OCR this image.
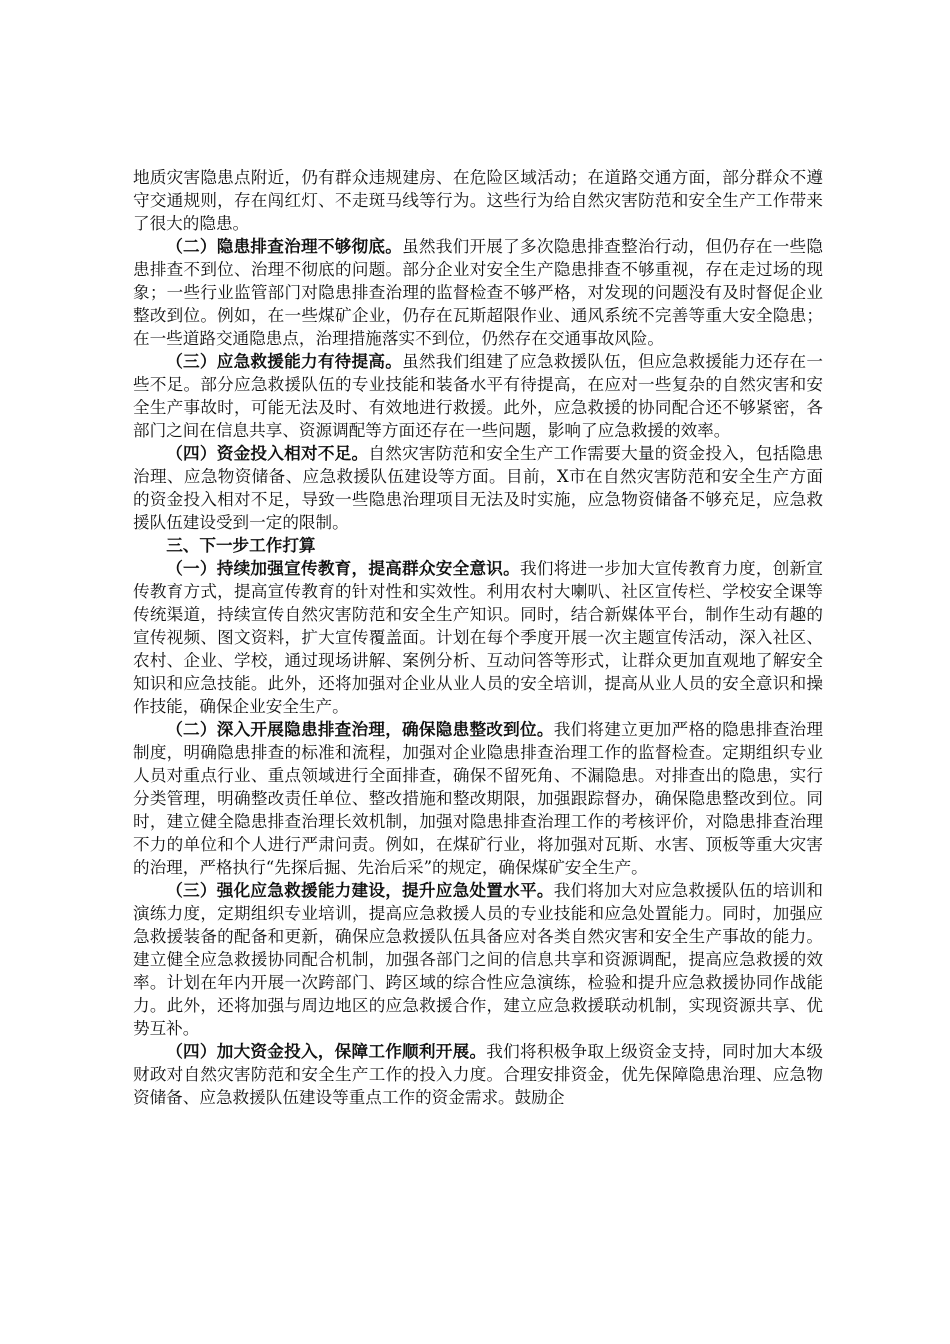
地质灾害隐患点附近，仍有群众违规建房、在危险区域活动；在道路交通方面，部分群众不遵守交通规则，存在闯红灯、不走斑马线等行为。这些行为给自然灾害防范和安全生产工作带来了很大的隐患。

（二）隐患排查治理不够彻底。虽然我们开展了多次隐患排查整治行动，但仍存在一些隐患排查不到位、治理不彻底的问题。部分企业对安全生产隐患排查不够重视，存在走过场的现象；一些行业监管部门对隐患排查治理的监督检查不够严格，对发现的问题没有及时督促企业整改到位。例如，在一些煤矿企业，仍存在瓦斯超限作业、通风系统不完善等重大安全隐患；在一些道路交通隐患点，治理措施落实不到位，仍然存在交通事故风险。

（三）应急救援能力有待提高。虽然我们组建了应急救援队伍，但应急救援能力还存在一些不足。部分应急救援队伍的专业技能和装备水平有待提高，在应对一些复杂的自然灾害和安全生产事故时，可能无法及时、有效地进行救援。此外，应急救援的协同配合还不够紧密，各部门之间在信息共享、资源调配等方面还存在一些问题，影响了应急救援的效率。

（四）资金投入相对不足。自然灾害防范和安全生产工作需要大量的资金投入，包括隐患治理、应急物资储备、应急救援队伍建设等方面。目前，X市在自然灾害防范和安全生产方面的资金投入相对不足，导致一些隐患治理项目无法及时实施，应急物资储备不够充足，应急救援队伍建设受到一定的限制。

三、下一步工作打算

（一）持续加强宣传教育，提高群众安全意识。我们将进一步加大宣传教育力度，创新宣传教育方式，提高宣传教育的针对性和实效性。利用农村大喇叭、社区宣传栏、学校安全课等传统渠道，持续宣传自然灾害防范和安全生产知识。同时，结合新媒体平台，制作生动有趣的宣传视频、图文资料，扩大宣传覆盖面。计划在每个季度开展一次主题宣传活动，深入社区、农村、企业、学校，通过现场讲解、案例分析、互动问答等形式，让群众更加直观地了解安全知识和应急技能。此外，还将加强对企业从业人员的安全培训，提高从业人员的安全意识和操作技能，确保企业安全生产。

（二）深入开展隐患排查治理，确保隐患整改到位。我们将建立更加严格的隐患排查治理制度，明确隐患排查的标准和流程，加强对企业隐患排查治理工作的监督检查。定期组织专业人员对重点行业、重点领域进行全面排查，确保不留死角、不漏隐患。对排查出的隐患，实行分类管理，明确整改责任单位、整改措施和整改期限，加强跟踪督办，确保隐患整改到位。同时，建立健全隐患排查治理长效机制，加强对隐患排查治理工作的考核评价，对隐患排查治理不力的单位和个人进行严肃问责。例如，在煤矿行业，将加强对瓦斯、水害、顶板等重大灾害的治理，严格执行“先探后掘、先治后采”的规定，确保煤矿安全生产。

（三）强化应急救援能力建设，提升应急处置水平。我们将加大对应急救援队伍的培训和演练力度，定期组织专业培训，提高应急救援人员的专业技能和应急处置能力。同时，加强应急救援装备的配备和更新，确保应急救援队伍具备应对各类自然灾害和安全生产事故的能力。建立健全应急救援协同配合机制，加强各部门之间的信息共享和资源调配，提高应急救援的效率。计划在年内开展一次跨部门、跨区域的综合性应急演练，检验和提升应急救援协同作战能力。此外，还将加强与周边地区的应急救援合作，建立应急救援联动机制，实现资源共享、优势互补。

（四）加大资金投入，保障工作顺利开展。我们将积极争取上级资金支持，同时加大本级财政对自然灾害防范和安全生产工作的投入力度。合理安排资金，优先保障隐患治理、应急物资储备、应急救援队伍建设等重点工作的资金需求。鼓励企
